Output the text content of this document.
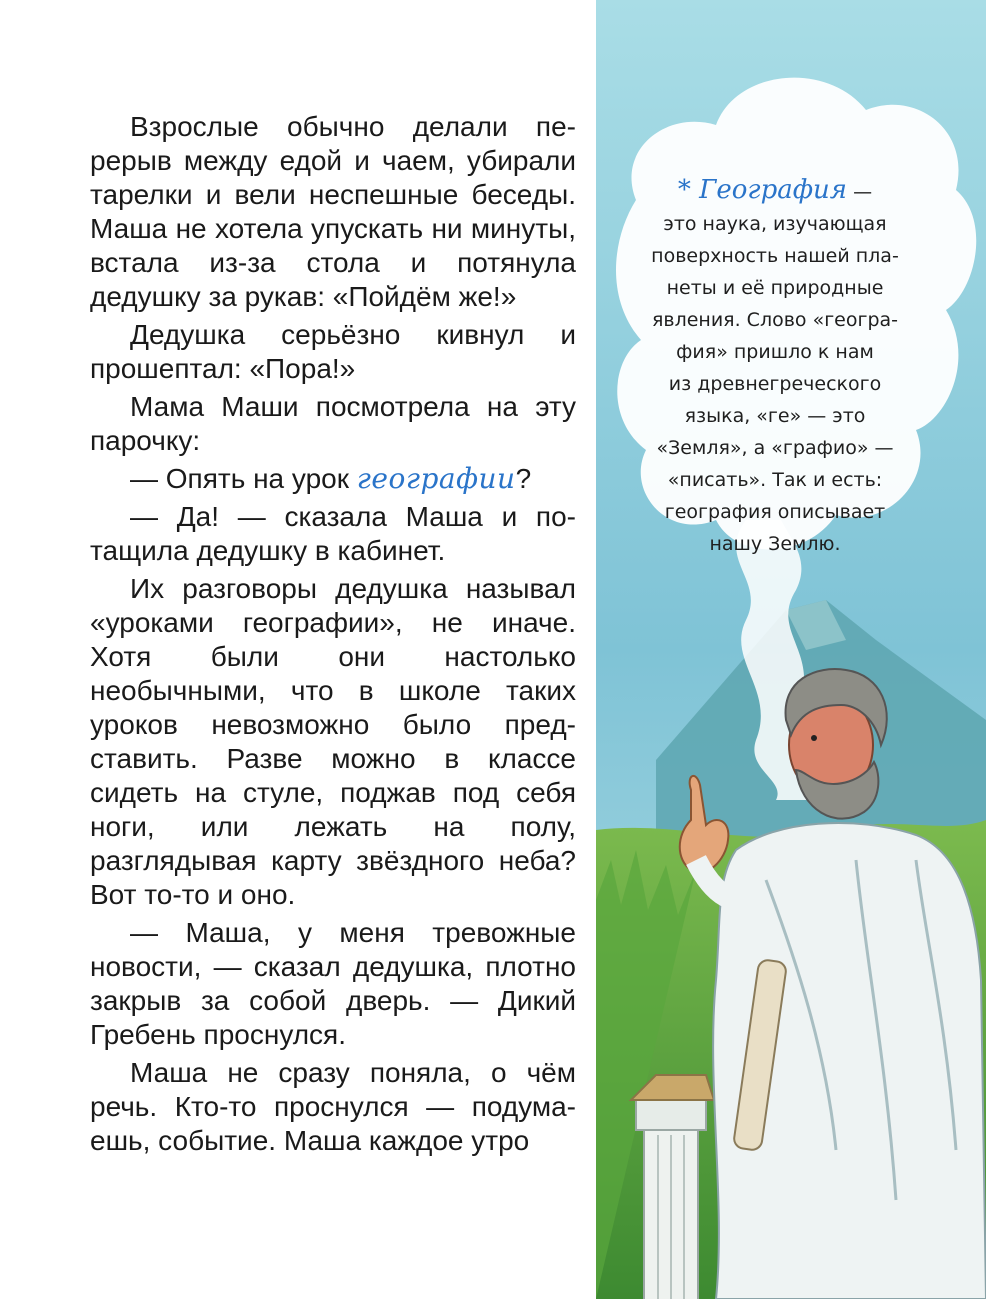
Взрослые обычно делали перерыв между едой и чаем, убирали тарелки и вели неспешные беседы. Маша не хотела упускать ни минуты, встала из-за стола и потянула дедушку за рукав: «Пойдём же!»

Дедушка серьёзно кивнул и прошептал: «Пора!»

Мама Маши посмотрела на эту парочку:

— Опять на урок географии?

— Да! — сказала Маша и потащила дедушку в кабинет.

Их разговоры дедушка называл «уроками географии», не иначе. Хотя были они настолько необычными, что в школе таких уроков невозможно было представить. Разве можно в классе сидеть на стуле, поджав под себя ноги, или лежать на полу, разглядывая карту звёздного неба? Вот то-то и оно.

— Маша, у меня тревожные новости, — сказал дедушка, плотно закрыв за собой дверь. — Дикий Гребень проснулся.

Маша не сразу поняла, о чём речь. Кто-то проснулся — подумаешь, событие. Маша каждое утро

* География —
это наука, изучающая
поверхность нашей пла-
неты и её природные
явления. Слово «геогра-
фия» пришло к нам
из древнегреческого
языка, «ге» — это
«Земля», а «графио» —
«писать». Так и есть:
география описывает
нашу Землю.
